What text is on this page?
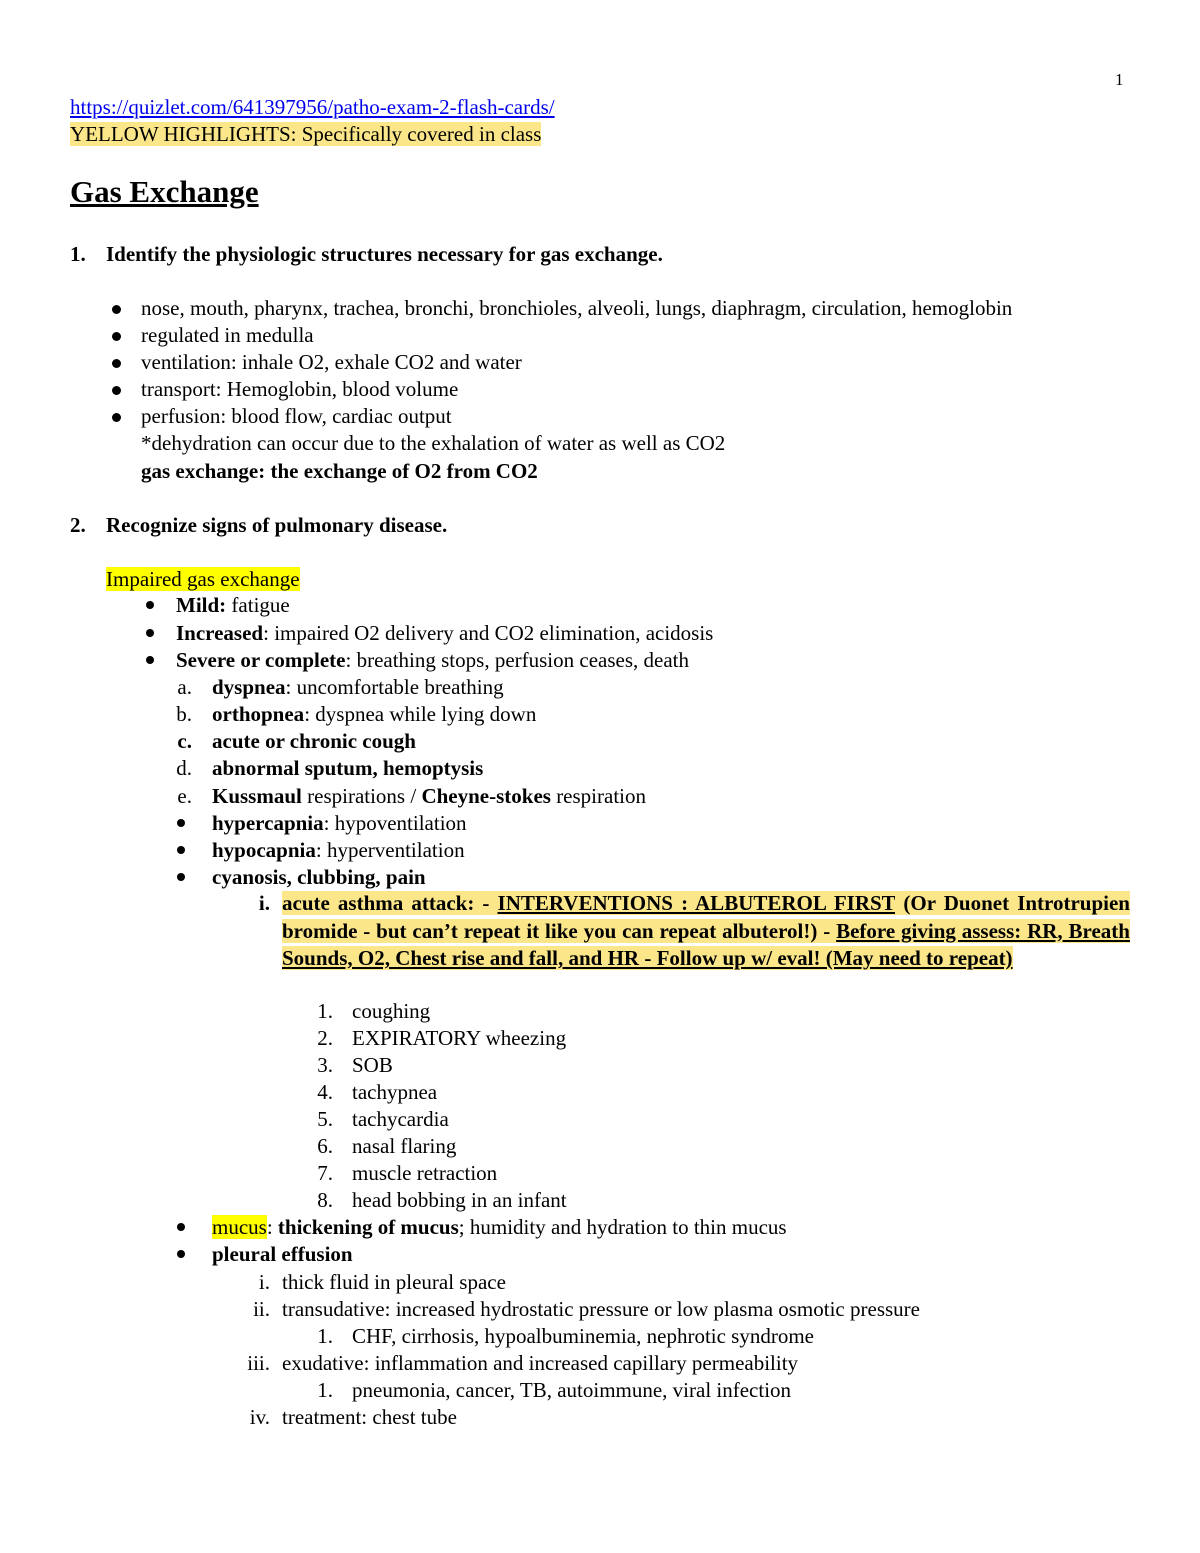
1
https://quizlet.com/641397956/patho-exam-2-flash-cards/
YELLOW HIGHLIGHTS: Specifically covered in class
Gas Exchange
1. Identify the physiologic structures necessary for gas exchange.
nose, mouth, pharynx, trachea, bronchi, bronchioles, alveoli, lungs, diaphragm, circulation, hemoglobin
regulated in medulla
ventilation: inhale O2, exhale CO2 and water
transport: Hemoglobin, blood volume
perfusion: blood flow, cardiac output
*dehydration can occur due to the exhalation of water as well as CO2
gas exchange: the exchange of O2 from CO2
2. Recognize signs of pulmonary disease.
Impaired gas exchange
Mild: fatigue
Increased: impaired O2 delivery and CO2 elimination, acidosis
Severe or complete: breathing stops, perfusion ceases, death
a. dyspnea: uncomfortable breathing
b. orthopnea: dyspnea while lying down
c. acute or chronic cough
d. abnormal sputum, hemoptysis
e. Kussmaul respirations / Cheyne-stokes respiration
hypercapnia: hypoventilation
hypocapnia: hyperventilation
cyanosis, clubbing, pain
i. acute asthma attack: - INTERVENTIONS : ALBUTEROL FIRST (Or Duonet Introtrupien bromide - but can’t repeat it like you can repeat albuterol!) - Before giving assess: RR, Breath Sounds, O2, Chest rise and fall, and HR - Follow up w/ eval! (May need to repeat)
1. coughing
2. EXPIRATORY wheezing
3. SOB
4. tachypnea
5. tachycardia
6. nasal flaring
7. muscle retraction
8. head bobbing in an infant
mucus: thickening of mucus; humidity and hydration to thin mucus
pleural effusion
i. thick fluid in pleural space
ii. transudative: increased hydrostatic pressure or low plasma osmotic pressure
1. CHF, cirrhosis, hypoalbuminemia, nephrotic syndrome
iii. exudative: inflammation and increased capillary permeability
1. pneumonia, cancer, TB, autoimmune, viral infection
iv. treatment: chest tube
